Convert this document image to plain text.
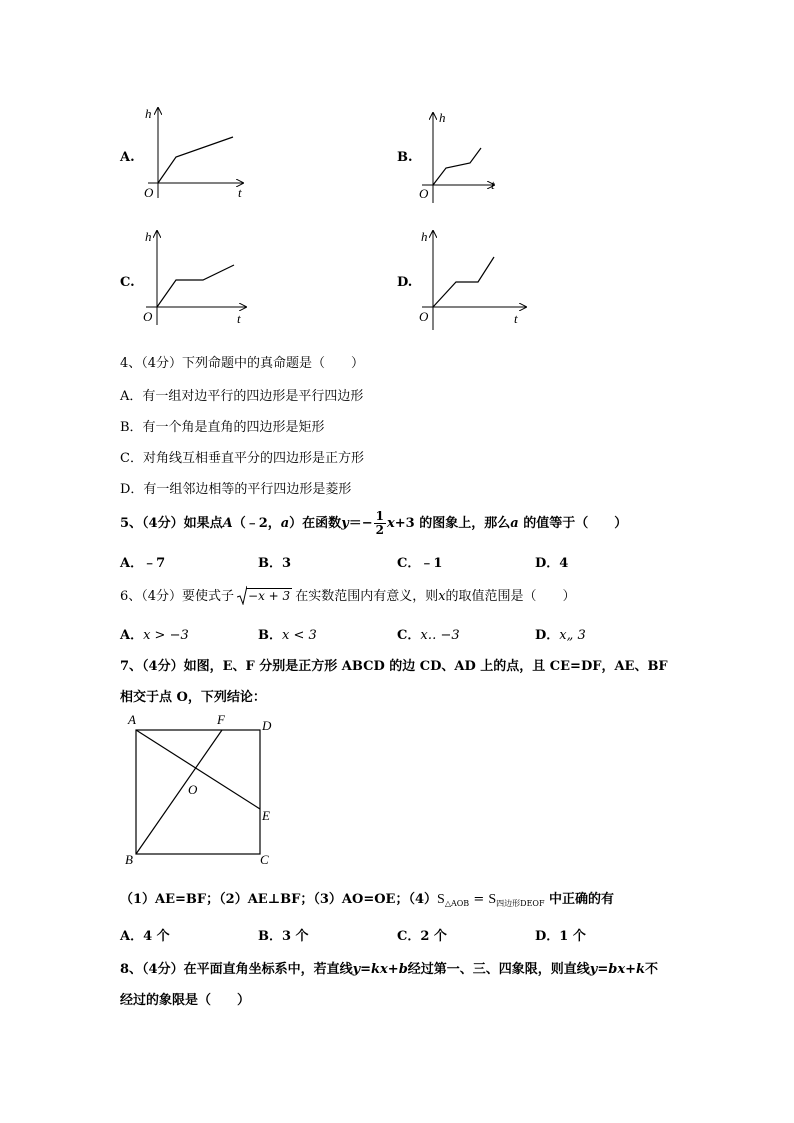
A.
h
t
O
B.
h
t
O
C.
h
t
O
D.
h
t
O
4、（4分）下列命题中的真命题是（　　）
A．有一组对边平行的四边形是平行四边形
B．有一个角是直角的四边形是矩形
C．对角线互相垂直平分的四边形是正方形
D．有一组邻边相等的平行四边形是菱形
5、（4分）如果点A（﹣2，a）在函数$y=- \frac{1}{2} x+3$ 的图象上，那么a 的值等于（　　）
A．﹣7	B．3	C．﹣1	D．4
6、（4分）要使式子 −x + 3 在实数范围内有意义，则x的取值范围是（　　）
A．x > −3	B．x < 3	C．x‥ −3	D．x„ 3
7、（4分）如图，E、F 分别是正方形 ABCD 的边 CD、AD 上的点，且 CE=DF，AE、BF
相交于点 O，下列结论：
A	F	D
O
E
B	C
（1）AE=BF；（2）AE⊥BF；（3）AO=OE；$(4)S_{\triangle AOB} = S_{四边形DEOF}$ 中正确的有
A．4 个	B．3 个	C．2 个	D．1 个
8、（4分）在平面直角坐标系中，若直线y=kx+b经过第一、三、四象限，则直线y=bx+k不
经过的象限是（　　）
